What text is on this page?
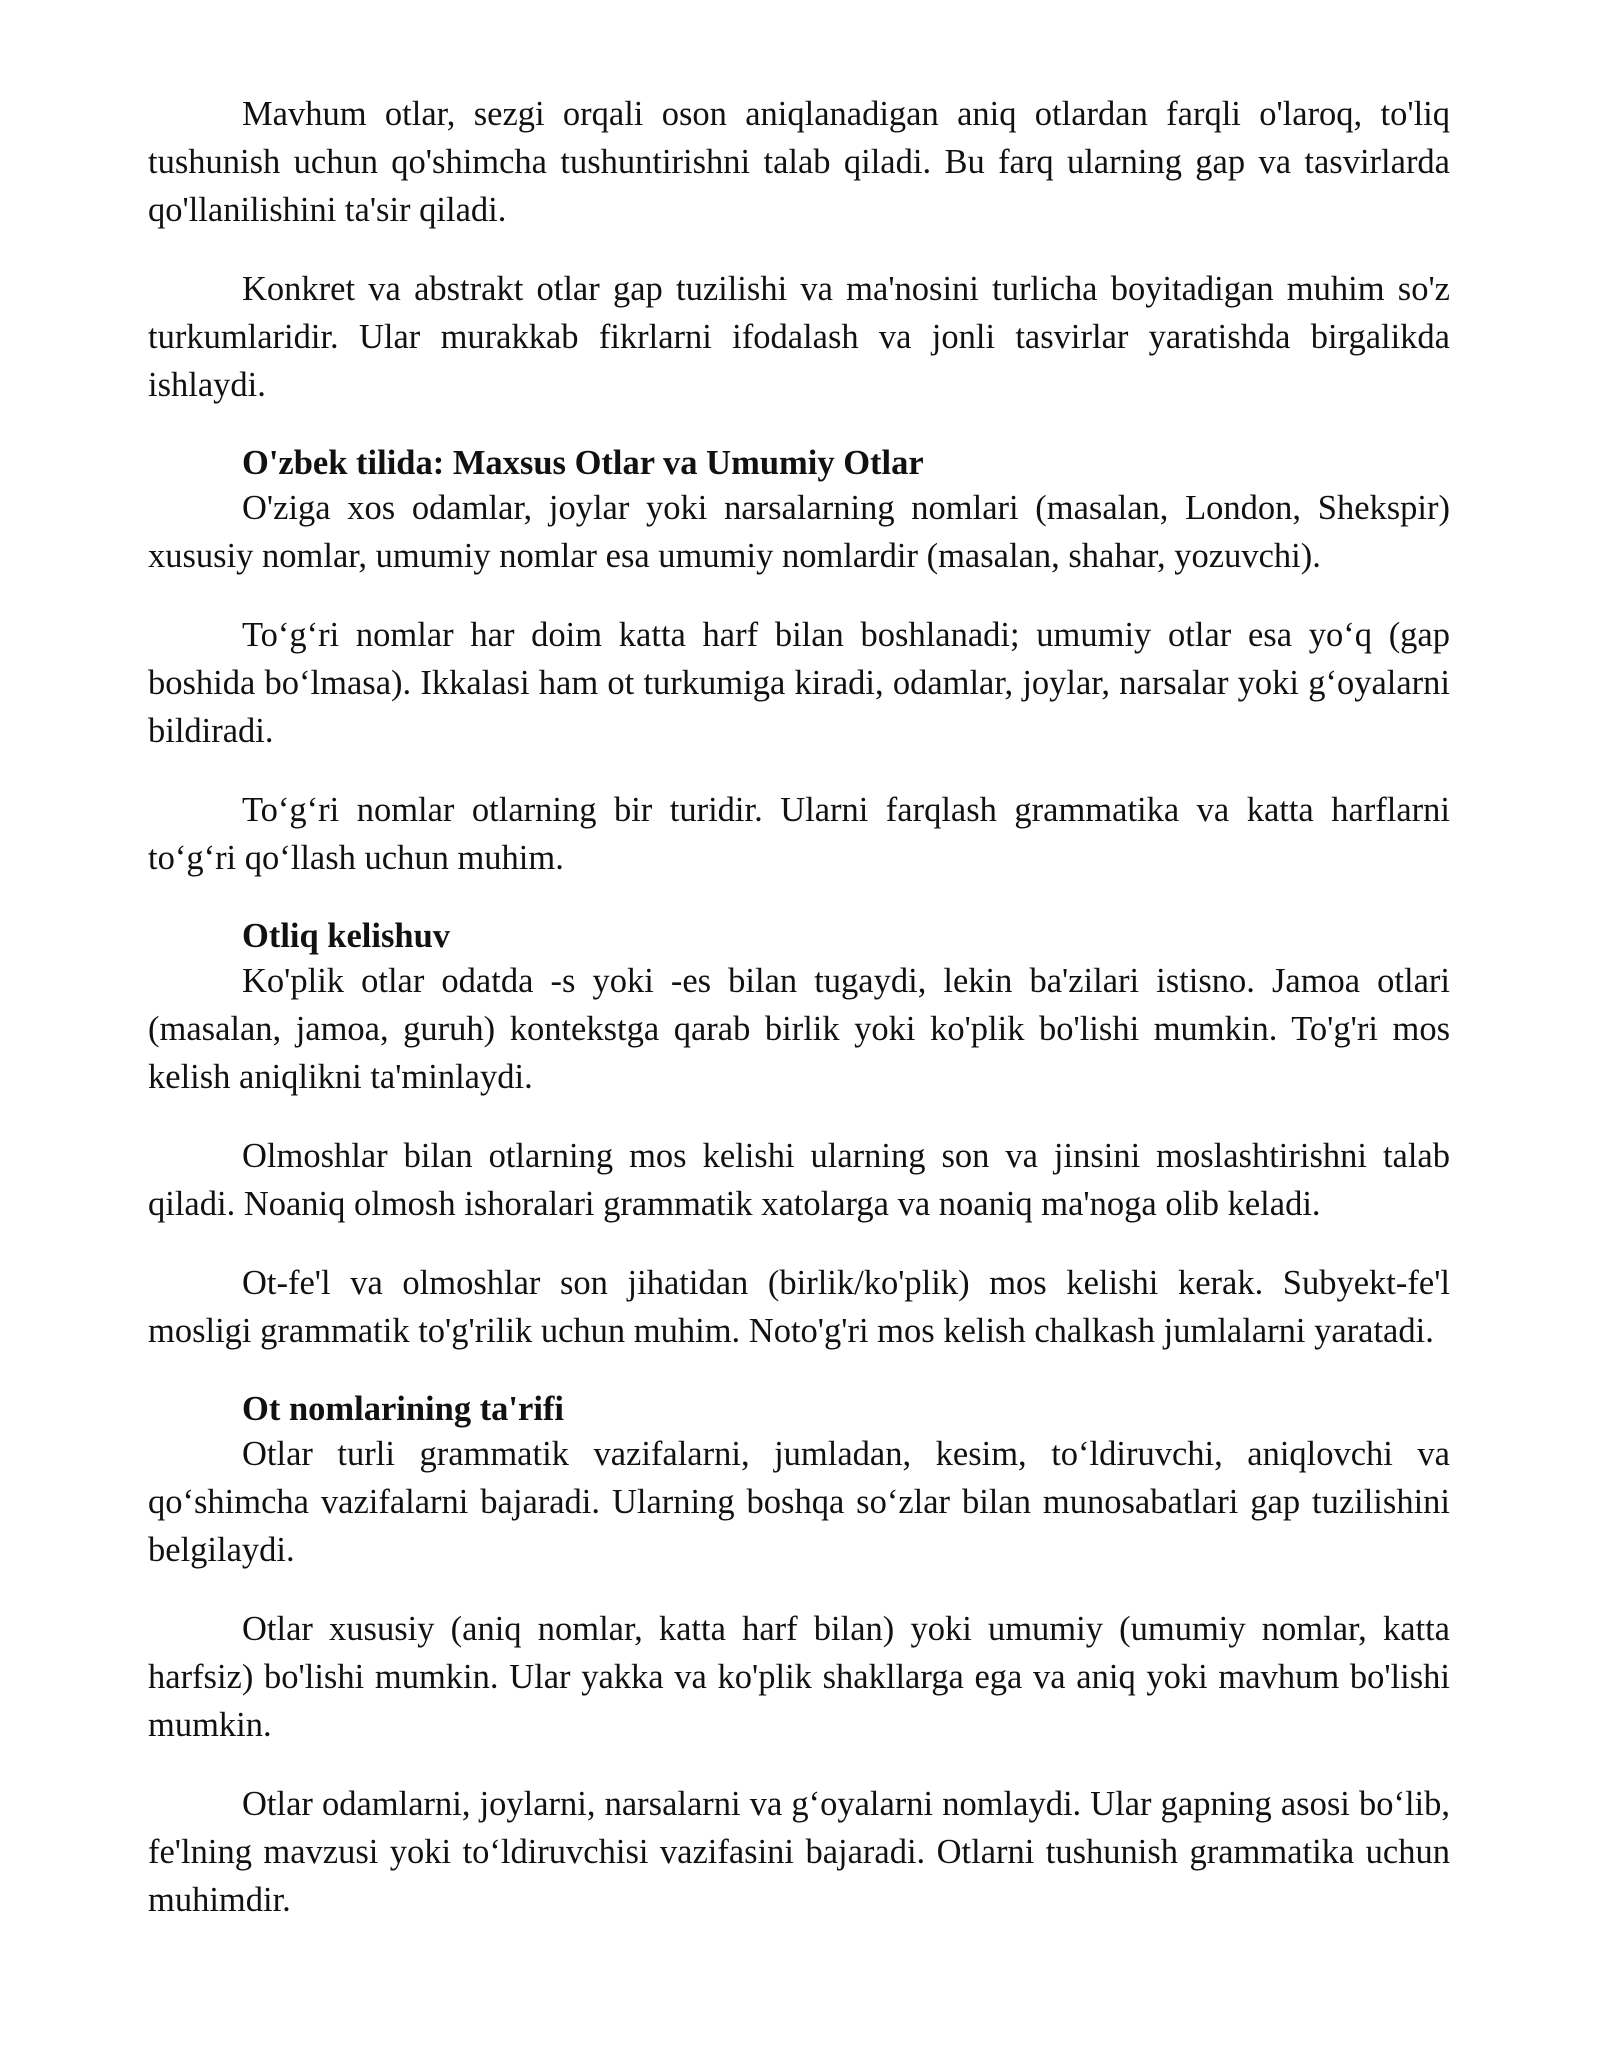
Mavhum otlar, sezgi orqali oson aniqlanadigan aniq otlardan farqli o'laroq, to'liq tushunish uchun qo'shimcha tushuntirishni talab qiladi. Bu farq ularning gap va tasvirlarda qo'llanilishini ta'sir qiladi.

Konkret va abstrakt otlar gap tuzilishi va ma'nosini turlicha boyitadigan muhim so'z turkumlaridir. Ular murakkab fikrlarni ifodalash va jonli tasvirlar yaratishda birgalikda ishlaydi.

O'zbek tilida: Maxsus Otlar va Umumiy Otlar

O'ziga xos odamlar, joylar yoki narsalarning nomlari (masalan, London, Shekspir) xususiy nomlar, umumiy nomlar esa umumiy nomlardir (masalan, shahar, yozuvchi).

To‘g‘ri nomlar har doim katta harf bilan boshlanadi; umumiy otlar esa yo‘q (gap boshida bo‘lmasa). Ikkalasi ham ot turkumiga kiradi, odamlar, joylar, narsalar yoki g‘oyalarni bildiradi.

To‘g‘ri nomlar otlarning bir turidir. Ularni farqlash grammatika va katta harflarni to‘g‘ri qo‘llash uchun muhim.

Otliq kelishuv

Ko'plik otlar odatda -s yoki -es bilan tugaydi, lekin ba'zilari istisno. Jamoa otlari (masalan, jamoa, guruh) kontekstga qarab birlik yoki ko'plik bo'lishi mumkin. To'g'ri mos kelish aniqlikni ta'minlaydi.

Olmoshlar bilan otlarning mos kelishi ularning son va jinsini moslashtirishni talab qiladi. Noaniq olmosh ishoralari grammatik xatolarga va noaniq ma'noga olib keladi.

Ot-fe'l va olmoshlar son jihatidan (birlik/ko'plik) mos kelishi kerak. Subyekt-fe'l mosligi grammatik to'g'rilik uchun muhim. Noto'g'ri mos kelish chalkash jumlalarni yaratadi.

Ot nomlarining ta'rifi

Otlar turli grammatik vazifalarni, jumladan, kesim, to‘ldiruvchi, aniqlovchi va qo‘shimcha vazifalarni bajaradi. Ularning boshqa so‘zlar bilan munosabatlari gap tuzilishini belgilaydi.

Otlar xususiy (aniq nomlar, katta harf bilan) yoki umumiy (umumiy nomlar, katta harfsiz) bo'lishi mumkin. Ular yakka va ko'plik shakllarga ega va aniq yoki mavhum bo'lishi mumkin.

Otlar odamlarni, joylarni, narsalarni va g‘oyalarni nomlaydi. Ular gapning asosi bo‘lib, fe'lning mavzusi yoki to‘ldiruvchisi vazifasini bajaradi. Otlarni tushunish grammatika uchun muhimdir.
